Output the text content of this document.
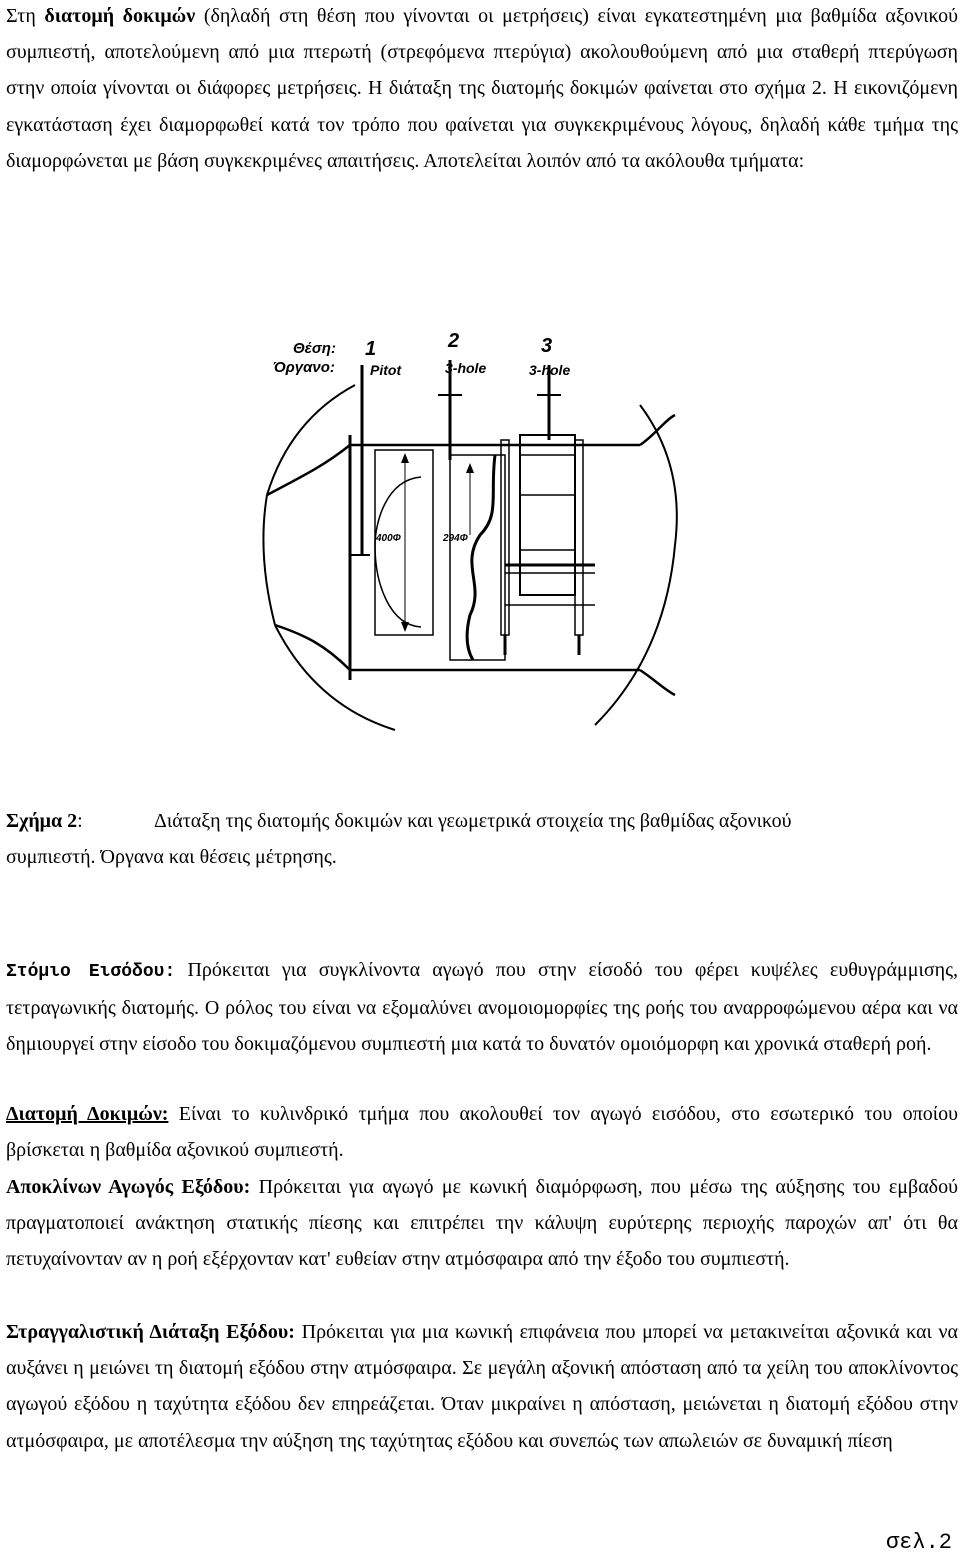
Στη διατομή δοκιμών (δηλαδή στη θέση που γίνονται οι μετρήσεις) είναι εγκατεστημένη μια βαθμίδα αξονικού συμπιεστή, αποτελούμενη από μια πτερωτή (στρεφόμενα πτερύγια) ακολουθούμενη από μια σταθερή πτερύγωση στην οποία γίνονται οι διάφορες μετρήσεις. Η διάταξη της διατομής δοκιμών φαίνεται στο σχήμα 2. Η εικονιζόμενη εγκατάσταση έχει διαμορφωθεί κατά τον τρόπο που φαίνεται για συγκεκριμένους λόγους, δηλαδή κάθε τμήμα της διαμορφώνεται με βάση συγκεκριμένες απαιτήσεις. Αποτελείται λοιπόν από τα ακόλουθα τμήματα:

Θέση:
Όργανο:
1	2	3
Pitot	3-hole	3-hole
400Φ	294Φ

Σχήμα 2:	Διάταξη της διατομής δοκιμών και γεωμετρικά στοιχεία της βαθμίδας αξονικού

συμπιεστή. Όργανα και θέσεις μέτρησης.

Στόμιο Εισόδου: Πρόκειται για συγκλίνοντα αγωγό που στην είσοδό του φέρει κυψέλες ευθυγράμμισης, τετραγωνικής διατομής. Ο ρόλος του είναι να εξομαλύνει ανομοιομορφίες της ροής του αναρροφώμενου αέρα και να δημιουργεί στην είσοδο του δοκιμαζόμενου συμπιεστή μια κατά το δυνατόν ομοιόμορφη και χρονικά σταθερή ροή.

Διατομή Δοκιμών: Είναι το κυλινδρικό τμήμα που ακολουθεί τον αγωγό εισόδου, στο εσωτερικό του οποίου βρίσκεται η βαθμίδα αξονικού συμπιεστή.

Αποκλίνων Αγωγός Εξόδου: Πρόκειται για αγωγό με κωνική διαμόρφωση, που μέσω της αύξησης του εμβαδού πραγματοποιεί ανάκτηση στατικής πίεσης και επιτρέπει την κάλυψη ευρύτερης περιοχής παροχών απ' ότι θα πετυχαίνονταν αν η ροή εξέρχονταν κατ' ευθείαν στην ατμόσφαιρα από την έξοδο του συμπιεστή.

Στραγγαλιστική Διάταξη Εξόδου: Πρόκειται για μια κωνική επιφάνεια που μπορεί να μετακινείται αξονικά και να αυξάνει η μειώνει τη διατομή εξόδου στην ατμόσφαιρα. Σε μεγάλη αξονική απόσταση από τα χείλη του αποκλίνοντος αγωγού εξόδου η ταχύτητα εξόδου δεν επηρεάζεται. Όταν μικραίνει η απόσταση, μειώνεται η διατομή εξόδου στην ατμόσφαιρα, με αποτέλεσμα την αύξηση της ταχύτητας εξόδου και συνεπώς των απωλειών σε δυναμική πίεση

σελ.2
